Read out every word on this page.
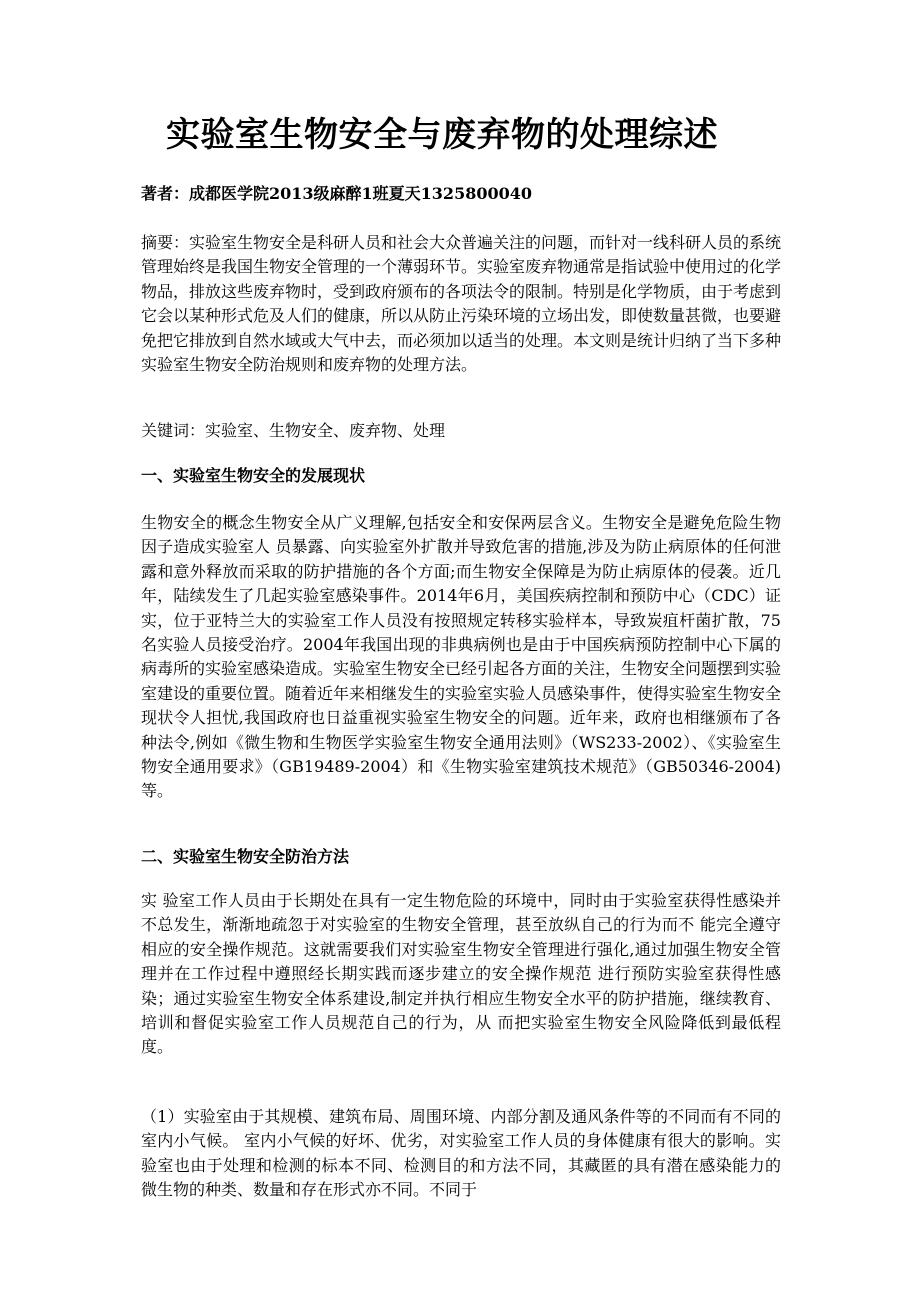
实验室生物安全与废弃物的处理综述

著者：成都医学院2013级麻醉1班夏天1325800040

摘要：实验室生物安全是科研人员和社会大众普遍关注的问题，而针对一线科研人员的系统管理始终是我国生物安全管理的一个薄弱环节。实验室废弃物通常是指试验中使用过的化学物品，排放这些废弃物时，受到政府颁布的各项法令的限制。特别是化学物质，由于考虑到它会以某种形式危及人们的健康，所以从防止污染环境的立场出发，即使数量甚微，也要避免把它排放到自然水域或大气中去，而必须加以适当的处理。本文则是统计归纳了当下多种实验室生物安全防治规则和废弃物的处理方法。

关键词：实验室、生物安全、废弃物、处理

一、实验室生物安全的发展现状

生物安全的概念生物安全从广义理解,包括安全和安保两层含义。生物安全是避免危险生物因子造成实验室人 员暴露、向实验室外扩散并导致危害的措施,涉及为防止病原体的任何泄露和意外释放而采取的防护措施的各个方面;而生物安全保障是为防止病原体的侵袭。近几年，陆续发生了几起实验室感染事件。2014年6月，美国疾病控制和预防中心（CDC）证实，位于亚特兰大的实验室工作人员没有按照规定转移实验样本，导致炭疽杆菌扩散，75名实验人员接受治疗。2004年我国出现的非典病例也是由于中国疾病预防控制中心下属的病毒所的实验室感染造成。实验室生物安全已经引起各方面的关注，生物安全问题摆到实验室建设的重要位置。随着近年来相继发生的实验室实验人员感染事件，使得实验室生物安全现状令人担忧,我国政府也日益重视实验室生物安全的问题。近年来，政府也相继颁布了各种法令,例如《微生物和生物医学实验室生物安全通用法则》（WS233-2002）、《实验室生物安全通用要求》（GB19489-2004）和《生物实验室建筑技术规范》（GB50346-2004)等。

二、实验室生物安全防治方法

实 验室工作人员由于长期处在具有一定生物危险的环境中，同时由于实验室获得性感染并不总发生，渐渐地疏忽于对实验室的生物安全管理，甚至放纵自己的行为而不 能完全遵守相应的安全操作规范。这就需要我们对实验室生物安全管理进行强化,通过加强生物安全管理并在工作过程中遵照经长期实践而逐步建立的安全操作规范 进行预防实验室获得性感染；通过实验室生物安全体系建设,制定并执行相应生物安全水平的防护措施，继续教育、培训和督促实验室工作人员规范自己的行为，从 而把实验室生物安全风险降低到最低程度。

（1）实验室由于其规模、建筑布局、周围环境、内部分割及通风条件等的不同而有不同的室内小气候。 室内小气候的好坏、优劣，对实验室工作人员的身体健康有很大的影响。实验室也由于处理和检测的标本不同、检测目的和方法不同，其藏匿的具有潜在感染能力的 微生物的种类、数量和存在形式亦不同。不同于
